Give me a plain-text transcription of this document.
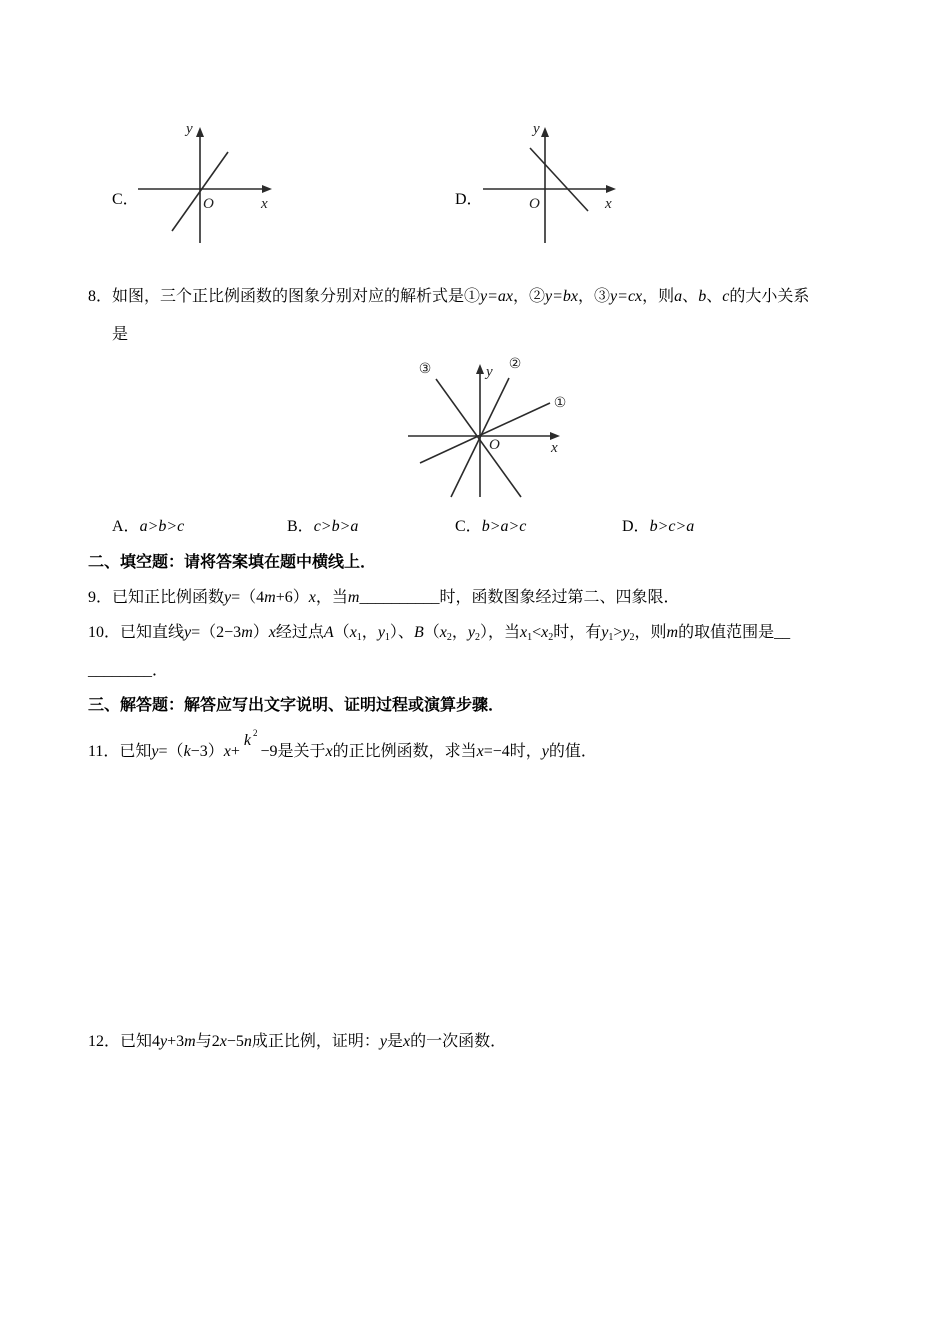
C．
y
O	x	D．
y
O	x
8．如图，三个正比例函数的图象分别对应的解析式是①y=ax，②y=bx，③y=cx，则a、b、c的大小关系
是
③	y ②
①
O	x
A．a>b>c	B．c>b>a	C．b>a>c	D．b>c>a
二、填空题：请将答案填在题中横线上．
9．已知正比例函数y=（4m+6）x，当m__________时，函数图象经过第二、四象限．
10．已知直线y=（2−3m）x经过点A（x1，y1）、B（x2，y2），当x1<x2时，有y1>y2，则m的取值范围是__
________．
三、解答题：解答应写出文字说明、证明过程或演算步骤．
11．已知y=（k−3）x+k $^2$−9是关于x的正比例函数，求当x=−4时，y的值．
12．已知4y+3m与2x−5n成正比例，证明：y是x的一次函数．
